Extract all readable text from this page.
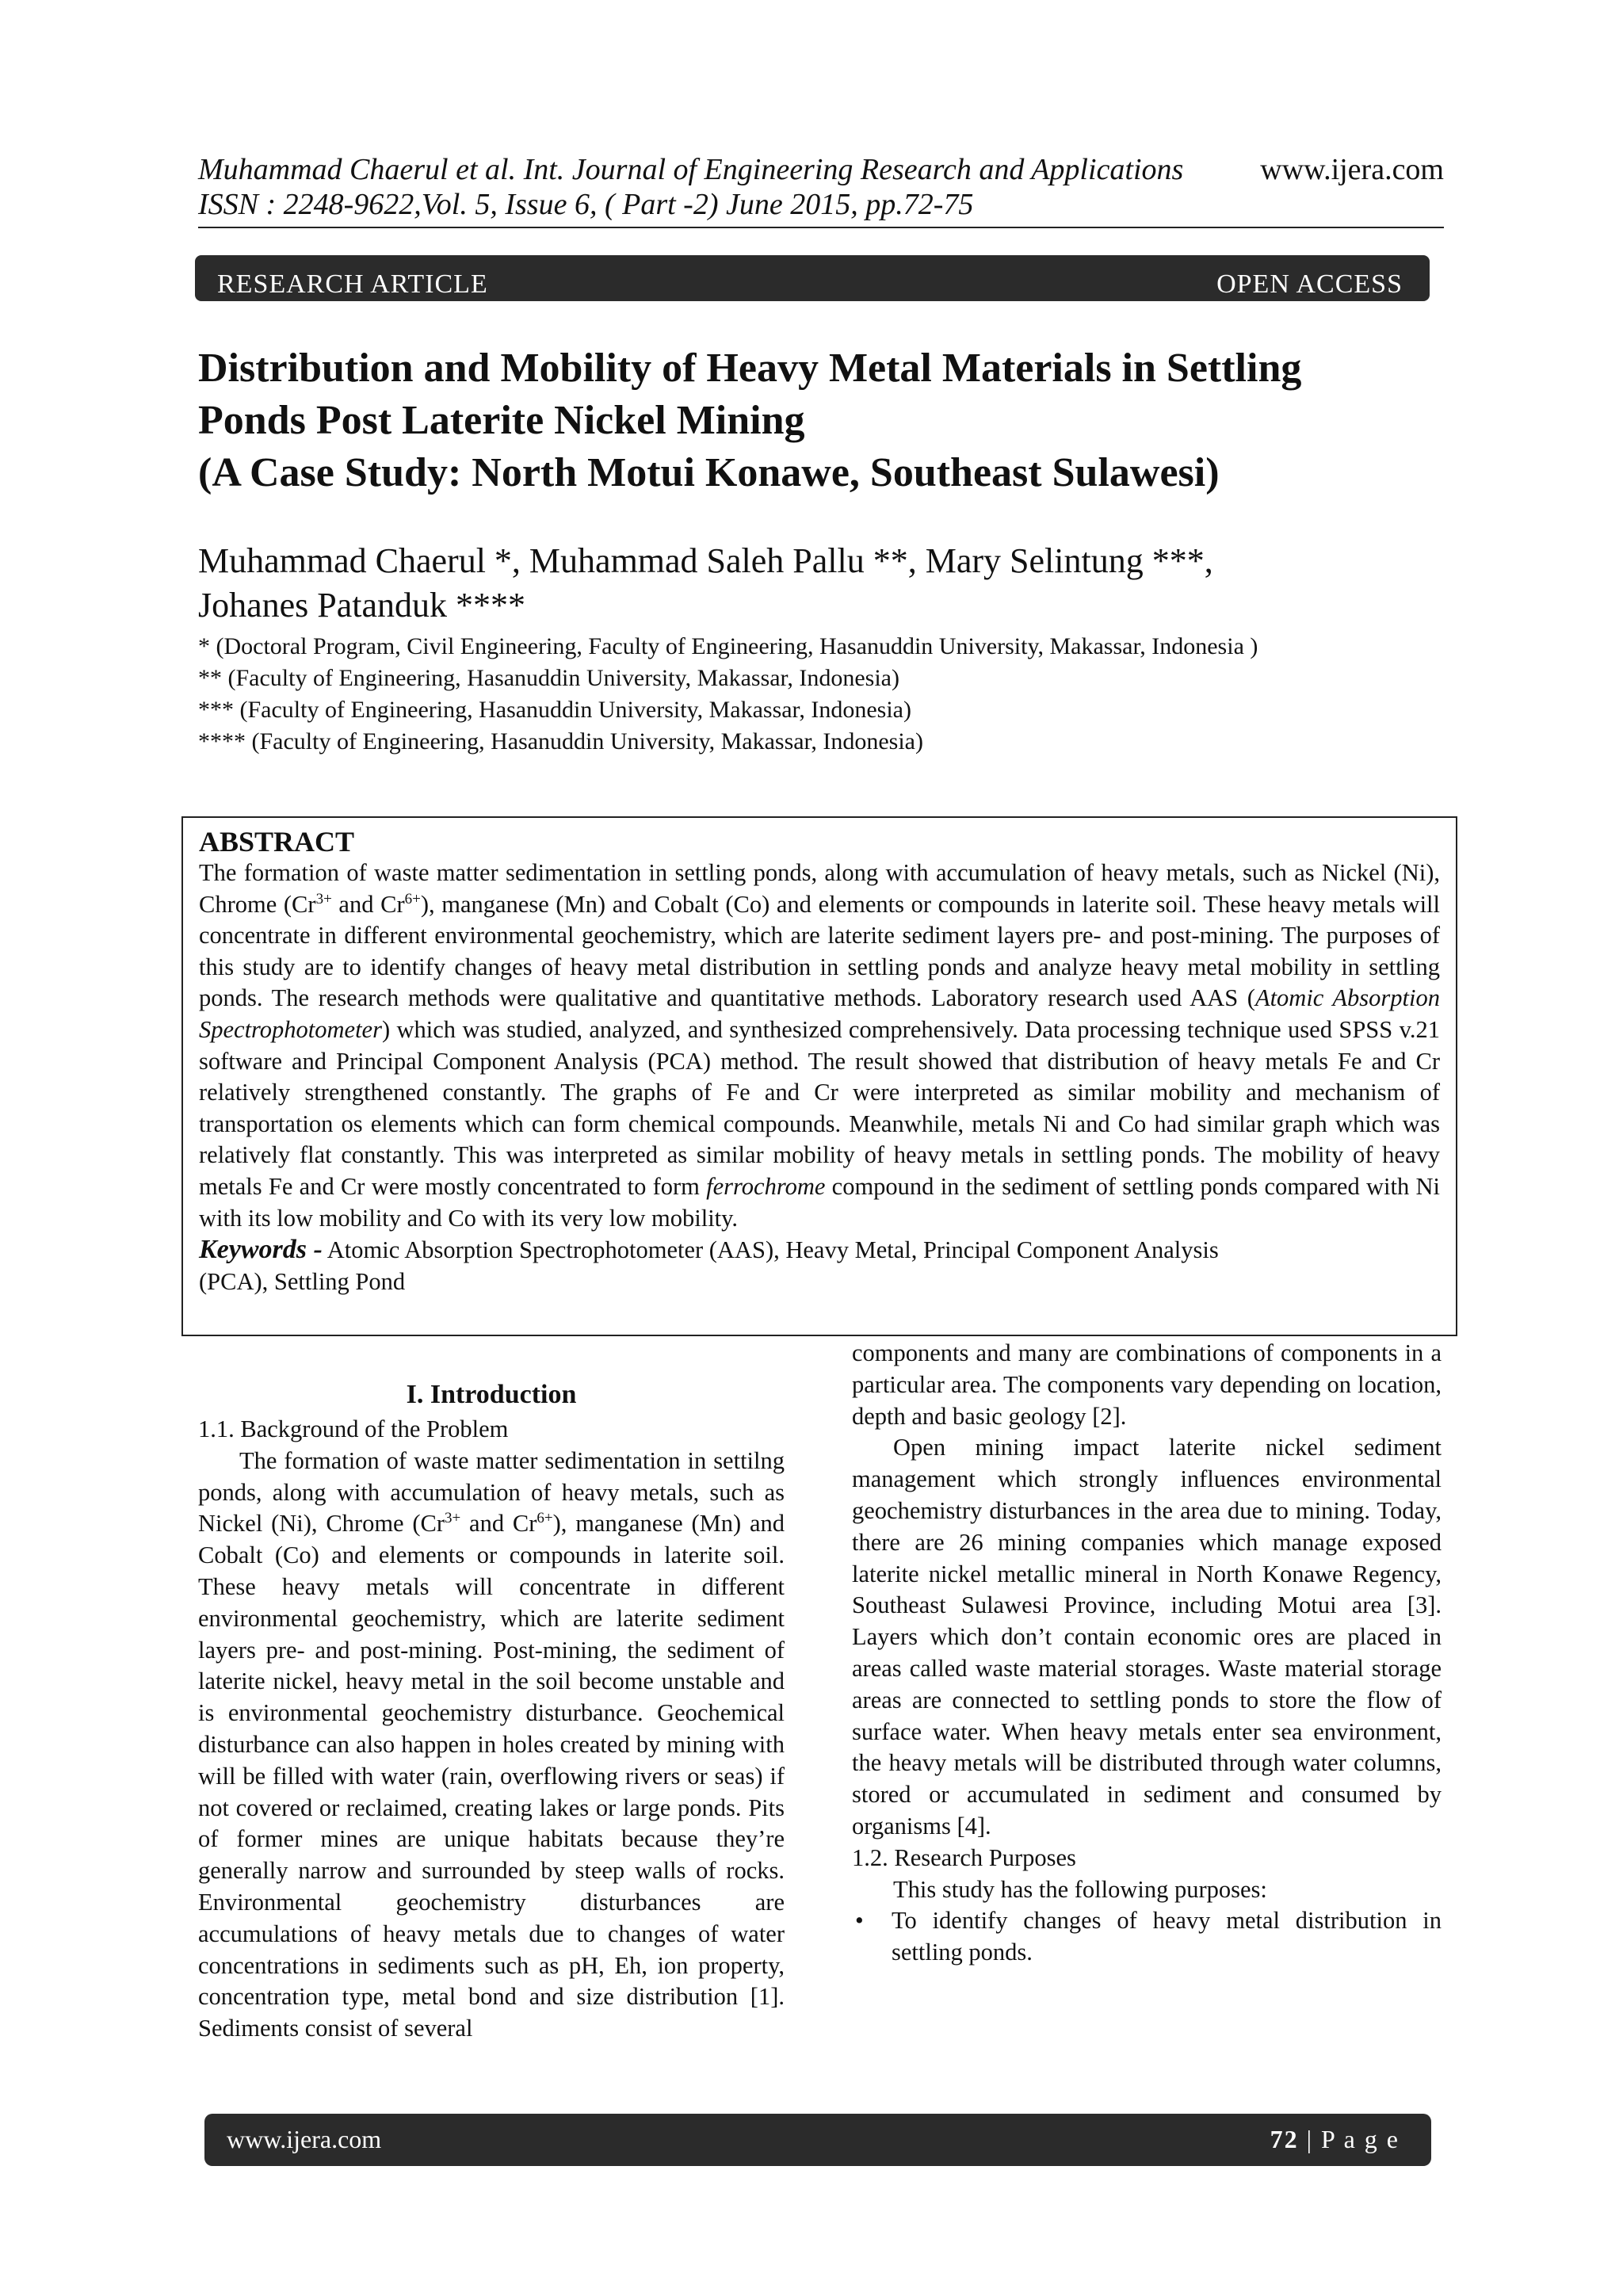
Muhammad Chaerul et al. Int. Journal of Engineering Research and Applications
ISSN : 2248-9622,Vol. 5, Issue 6, ( Part -2) June 2015, pp.72-75
www.ijera.com
RESEARCH ARTICLE	OPEN ACCESS
Distribution and Mobility of Heavy Metal Materials in Settling
Ponds Post Laterite Nickel Mining
(A Case Study: North Motui Konawe, Southeast Sulawesi)
Muhammad Chaerul *, Muhammad Saleh Pallu **, Mary Selintung ***,
Johanes Patanduk ****
* (Doctoral Program, Civil Engineering, Faculty of Engineering, Hasanuddin University, Makassar, Indonesia )
** (Faculty of Engineering, Hasanuddin University, Makassar, Indonesia)
*** (Faculty of Engineering, Hasanuddin University, Makassar, Indonesia)
**** (Faculty of Engineering, Hasanuddin University, Makassar, Indonesia)
ABSTRACT
The formation of waste matter sedimentation in settling ponds, along with accumulation of heavy metals, such as Nickel (Ni), Chrome ($Cr^{3+}$ and $Cr^{6+}$), manganese (Mn) and Cobalt (Co) and elements or compounds in laterite soil. These heavy metals will concentrate in different environmental geochemistry, which are laterite sediment layers pre- and post-mining. The purposes of this study are to identify changes of heavy metal distribution in settling ponds and analyze heavy metal mobility in settling ponds. The research methods were qualitative and quantitative methods. Laboratory research used AAS (Atomic Absorption Spectrophotometer) which was studied, analyzed, and synthesized comprehensively. Data processing technique used SPSS v.21 software and Principal Component Analysis (PCA) method. The result showed that distribution of heavy metals Fe and Cr relatively strengthened constantly. The graphs of Fe and Cr were interpreted as similar mobility and mechanism of transportation os elements which can form chemical compounds. Meanwhile, metals Ni and Co had similar graph which was relatively flat constantly. This was interpreted as similar mobility of heavy metals in settling ponds. The mobility of heavy metals Fe and Cr were mostly concentrated to form ferrochrome compound in the sediment of settling ponds compared with Ni with its low mobility and Co with its very low mobility.
Keywords - Atomic Absorption Spectrophotometer (AAS), Heavy Metal, Principal Component Analysis
(PCA), Settling Pond
I. Introduction

1.1. Background of the Problem

The formation of waste matter sedimentation in settilng ponds, along with accumulation of heavy metals, such as Nickel (Ni), Chrome ($Cr^{3+}$ and $Cr^{6+}$), manganese (Mn) and Cobalt (Co) and elements or compounds in laterite soil. These heavy metals will concentrate in different environmental geochemistry, which are laterite sediment layers pre- and post-mining. Post-mining, the sediment of laterite nickel, heavy metal in the soil become unstable and is environmental geochemistry disturbance. Geochemical disturbance can also happen in holes created by mining with will be filled with water (rain, overflowing rivers or seas) if not covered or reclaimed, creating lakes or large ponds. Pits of former mines are unique habitats because they’re generally narrow and surrounded by steep walls of rocks. Environmental geochemistry disturbances are accumulations of heavy metals due to changes of water concentrations in sediments such as pH, Eh, ion property, concentration type, metal bond and size distribution [1]. Sediments consist of several

components and many are combinations of components in a particular area. The components vary depending on location, depth and basic geology [2].

Open mining impact laterite nickel sediment management which strongly influences environmental geochemistry disturbances in the area due to mining. Today, there are 26 mining companies which manage exposed laterite nickel metallic mineral in North Konawe Regency, Southeast Sulawesi Province, including Motui area [3]. Layers which don’t contain economic ores are placed in areas called waste material storages. Waste material storage areas are connected to settling ponds to store the flow of surface water. When heavy metals enter sea environment, the heavy metals will be distributed through water columns, stored or accumulated in sediment and consumed by organisms [4].

1.2. Research Purposes

This study has the following purposes:

• To identify changes of heavy metal distribution in settling ponds.
www.ijera.com	72 | P a g e
